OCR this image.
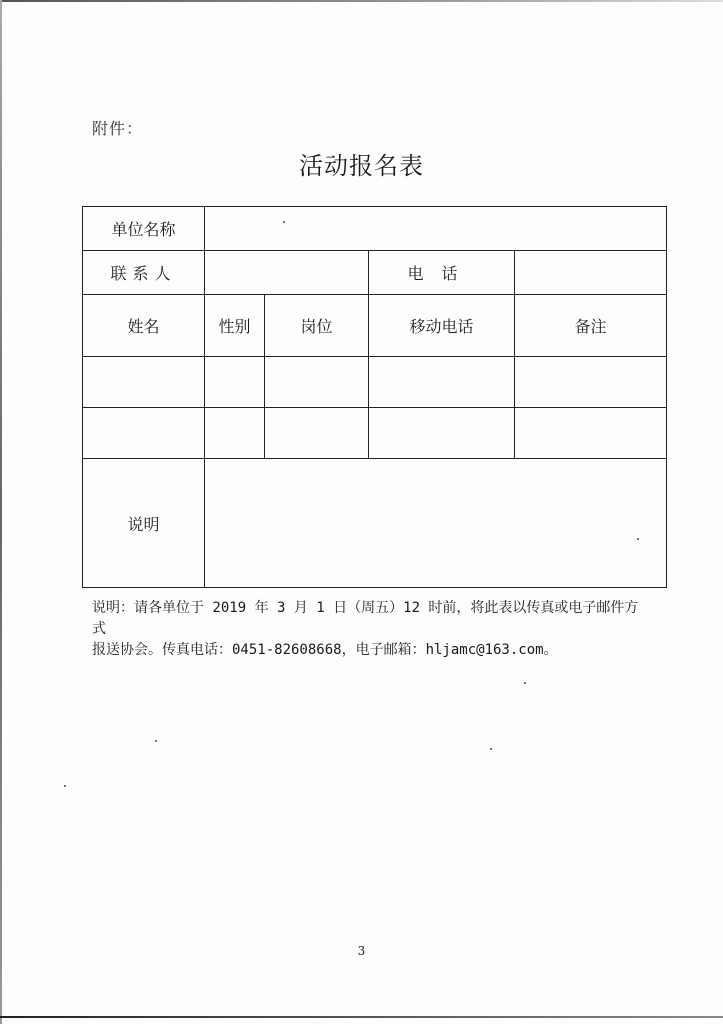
附件：
活动报名表
单位名称				
联系人			电话	
姓名	性别	岗位	移动电话	备注

说明				
说明：请各单位于 2019 年 3 月 1 日（周五）12 时前，将此表以传真或电子邮件方式
报送协会。传真电话：0451-82608668，电子邮箱：hljamc@163.com。
3
